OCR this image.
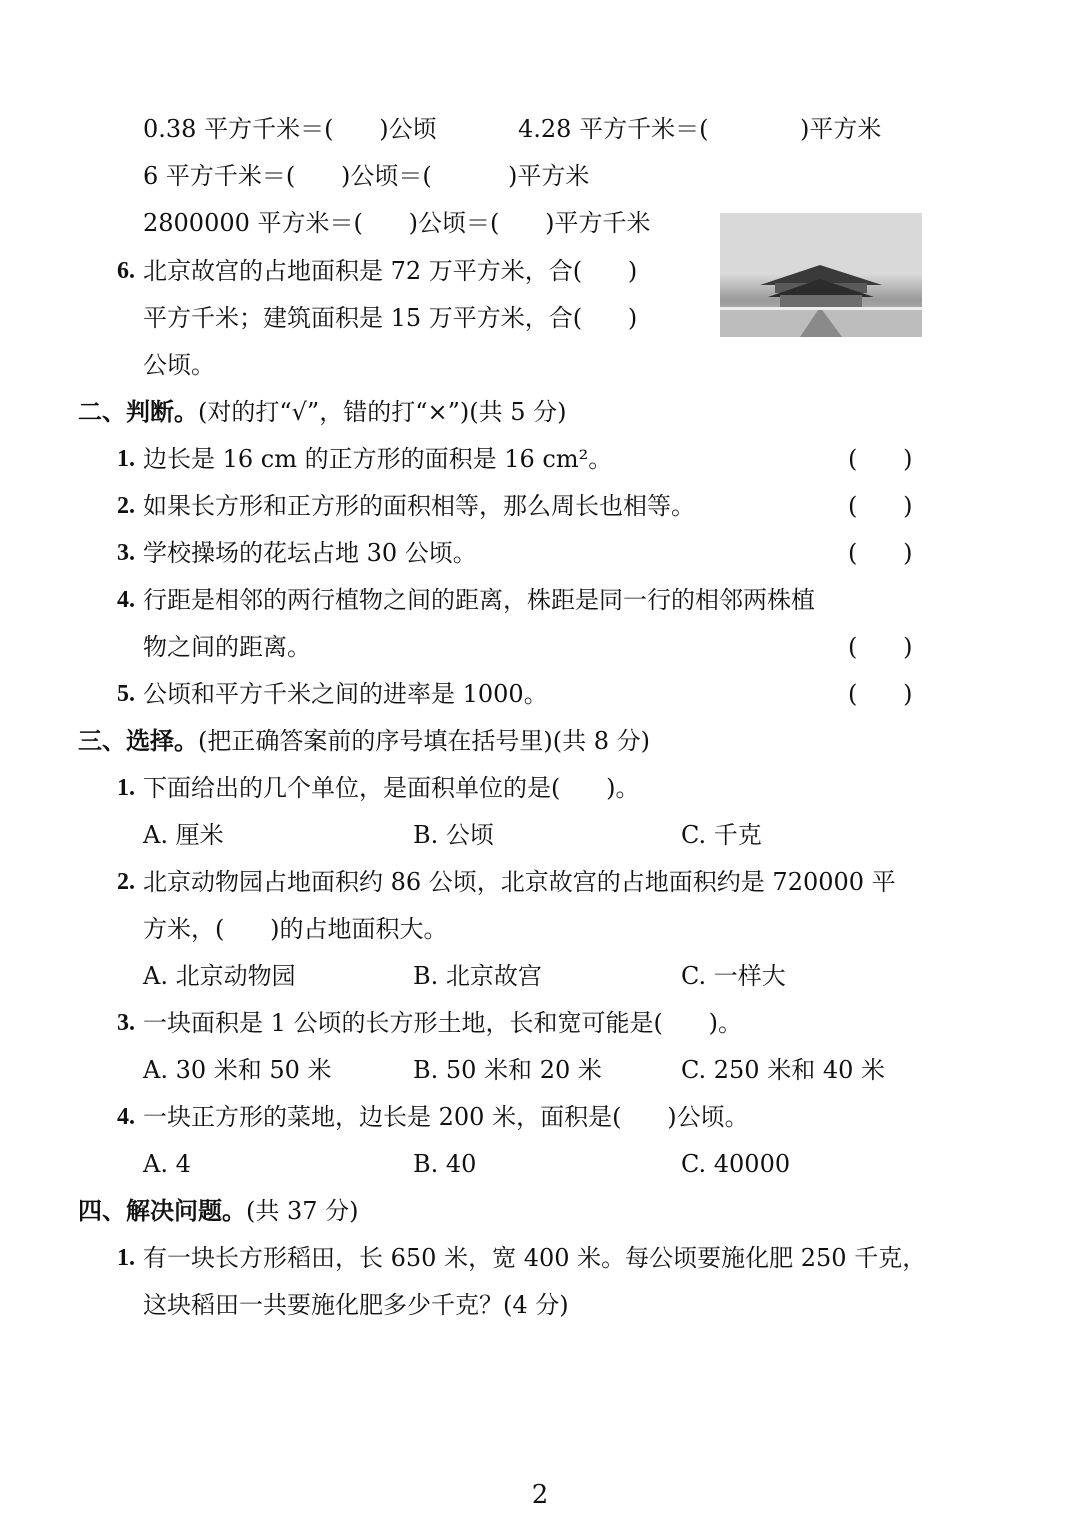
0.38 平方千米＝(      )公顷	4.28 平方千米＝(            )平方米
6 平方千米＝(      )公顷＝(          )平方米
2800000 平方米＝(      )公顷＝(      )平方千米
6. 北京故宫的占地面积是 72 万平方米，合(      )
平方千米；建筑面积是 15 万平方米，合(      )
公顷。
二、判断。(对的打“√”，错的打“×”)(共 5 分)
1. 边长是 16 cm 的正方形的面积是 16 cm²。	(      )
2. 如果长方形和正方形的面积相等，那么周长也相等。	(      )
3. 学校操场的花坛占地 30 公顷。	(      )
4. 行距是相邻的两行植物之间的距离，株距是同一行的相邻两株植
物之间的距离。	(      )
5. 公顷和平方千米之间的进率是 1000。	(      )
三、选择。(把正确答案前的序号填在括号里)(共 8 分)
1. 下面给出的几个单位，是面积单位的是(      )。
A. 厘米	B. 公顷	C. 千克
2. 北京动物园占地面积约 86 公顷，北京故宫的占地面积约是 720000 平
方米，(      )的占地面积大。
A. 北京动物园	B. 北京故宫	C. 一样大
3. 一块面积是 1 公顷的长方形土地，长和宽可能是(      )。
A. 30 米和 50 米	B. 50 米和 20 米	C. 250 米和 40 米
4. 一块正方形的菜地，边长是 200 米，面积是(      )公顷。
A. 4	B. 40	C. 40000
四、解决问题。(共 37 分)
1. 有一块长方形稻田，长 650 米，宽 400 米。每公顷要施化肥 250 千克，
这块稻田一共要施化肥多少千克？(4 分)
2
